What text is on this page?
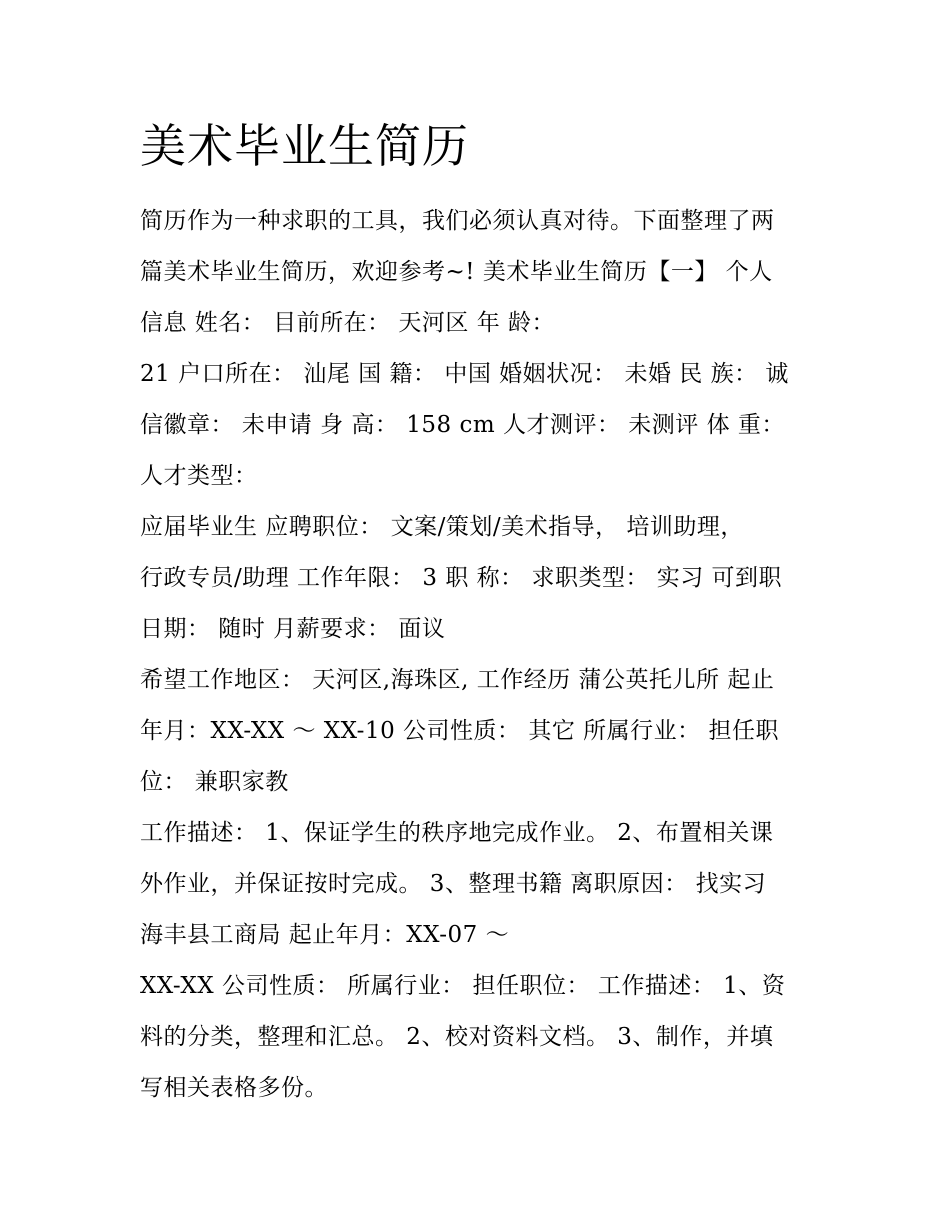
美术毕业生简历
简历作为一种求职的工具，我们必须认真对待。下面整理了两
篇美术毕业生简历，欢迎参考~! 美术毕业生简历【一】 个人
信息 姓名： 目前所在： 天河区 年 龄：
21 户口所在： 汕尾 国 籍： 中国 婚姻状况： 未婚 民 族： 诚
信徽章： 未申请 身 高： 158 cm 人才测评： 未测评 体 重：
人才类型：
应届毕业生 应聘职位： 文案/策划/美术指导， 培训助理，
行政专员/助理 工作年限： 3 职 称： 求职类型： 实习 可到职
日期： 随时 月薪要求： 面议
希望工作地区： 天河区,海珠区, 工作经历 蒲公英托儿所 起止
年月：XX-XX ～ XX-10 公司性质： 其它 所属行业： 担任职
位： 兼职家教
工作描述： 1、保证学生的秩序地完成作业。 2、布置相关课
外作业，并保证按时完成。 3、整理书籍 离职原因： 找实习
海丰县工商局 起止年月：XX-07 ～
XX-XX 公司性质： 所属行业： 担任职位： 工作描述： 1、资
料的分类，整理和汇总。 2、校对资料文档。 3、制作，并填
写相关表格多份。
